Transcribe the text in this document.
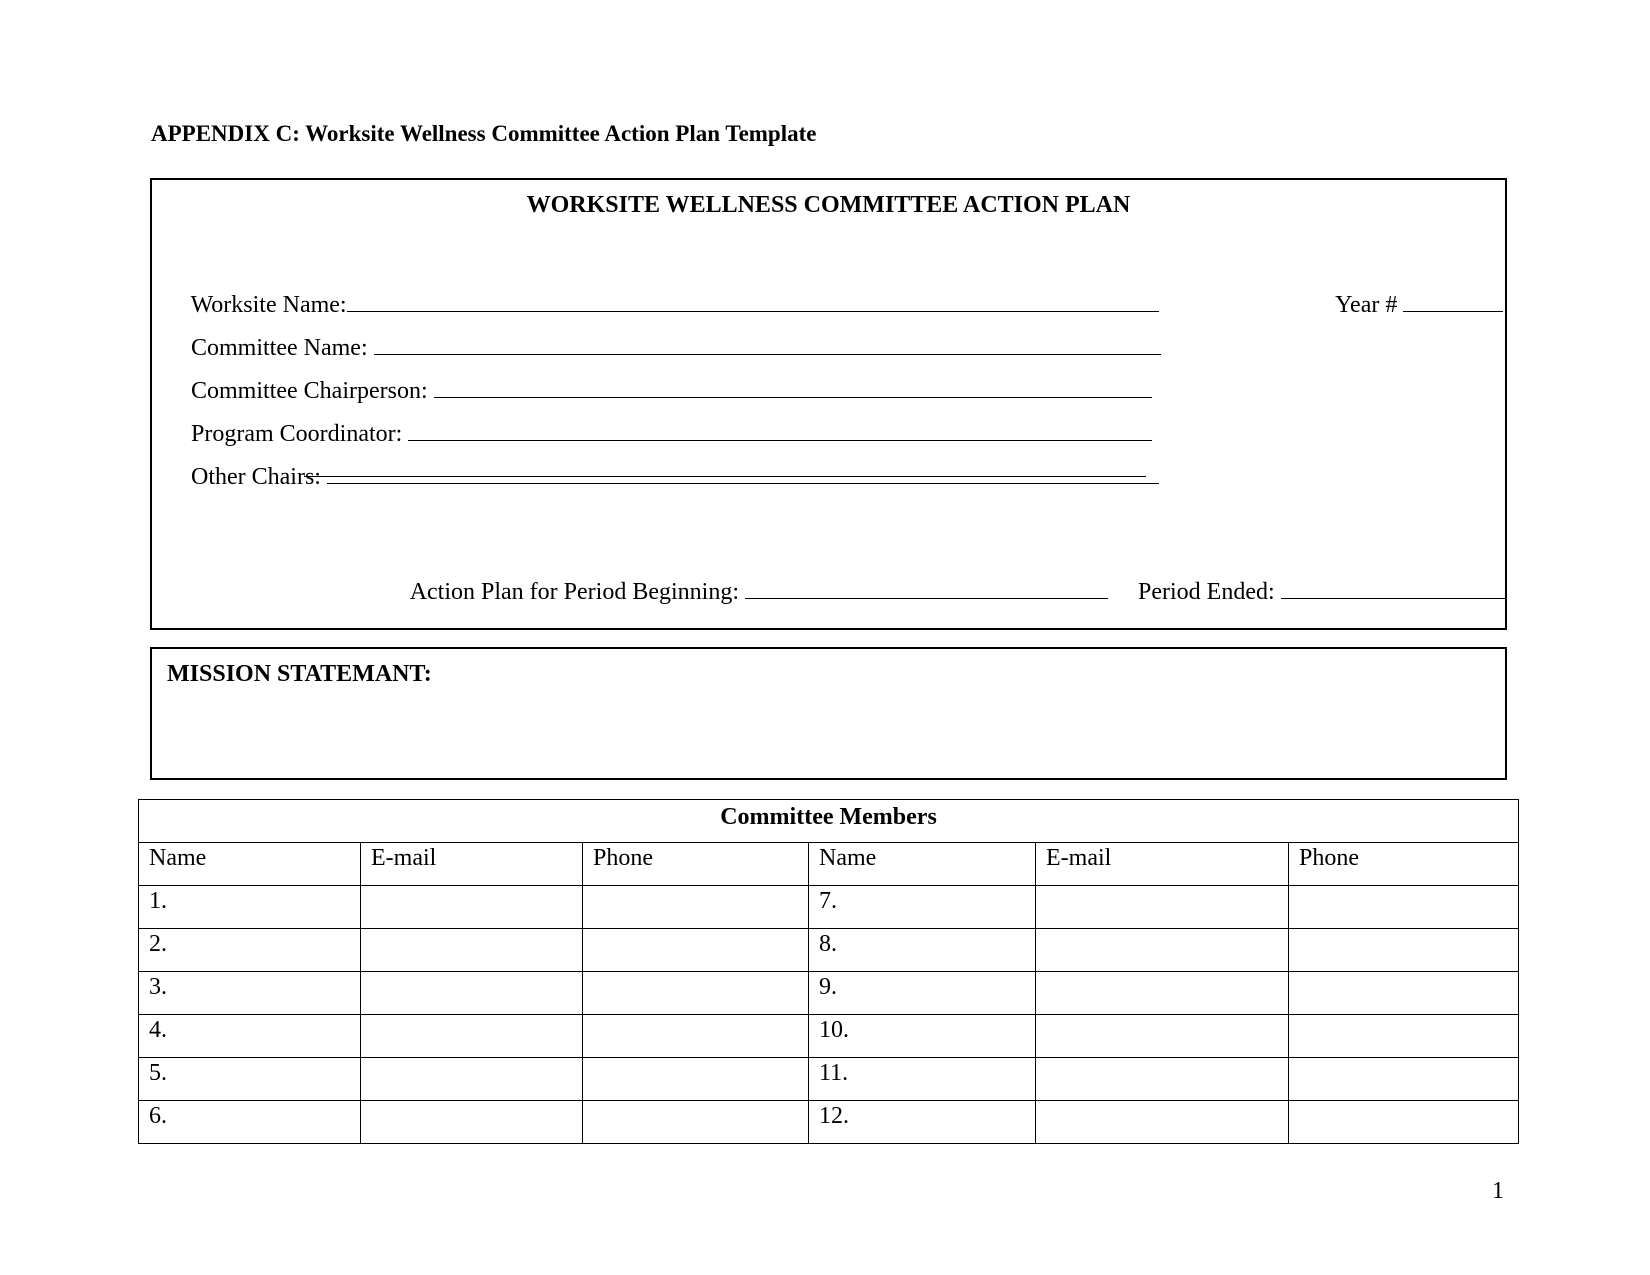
APPENDIX C: Worksite Wellness Committee Action Plan Template
WORKSITE WELLNESS COMMITTEE ACTION PLAN

Worksite Name:
	Year #

Committee Name:

Committee Chairperson:

Program Coordinator:

Other Chairs:

Action Plan for Period Beginning:
	Period Ended:

MISSION STATEMANT:
Committee Members					
Name	E-mail	Phone	Name	E-mail	Phone
1.			7.		
2.			8.		
3.			9.		
4.			10.		
5.			11.		
6.			12.		
1
